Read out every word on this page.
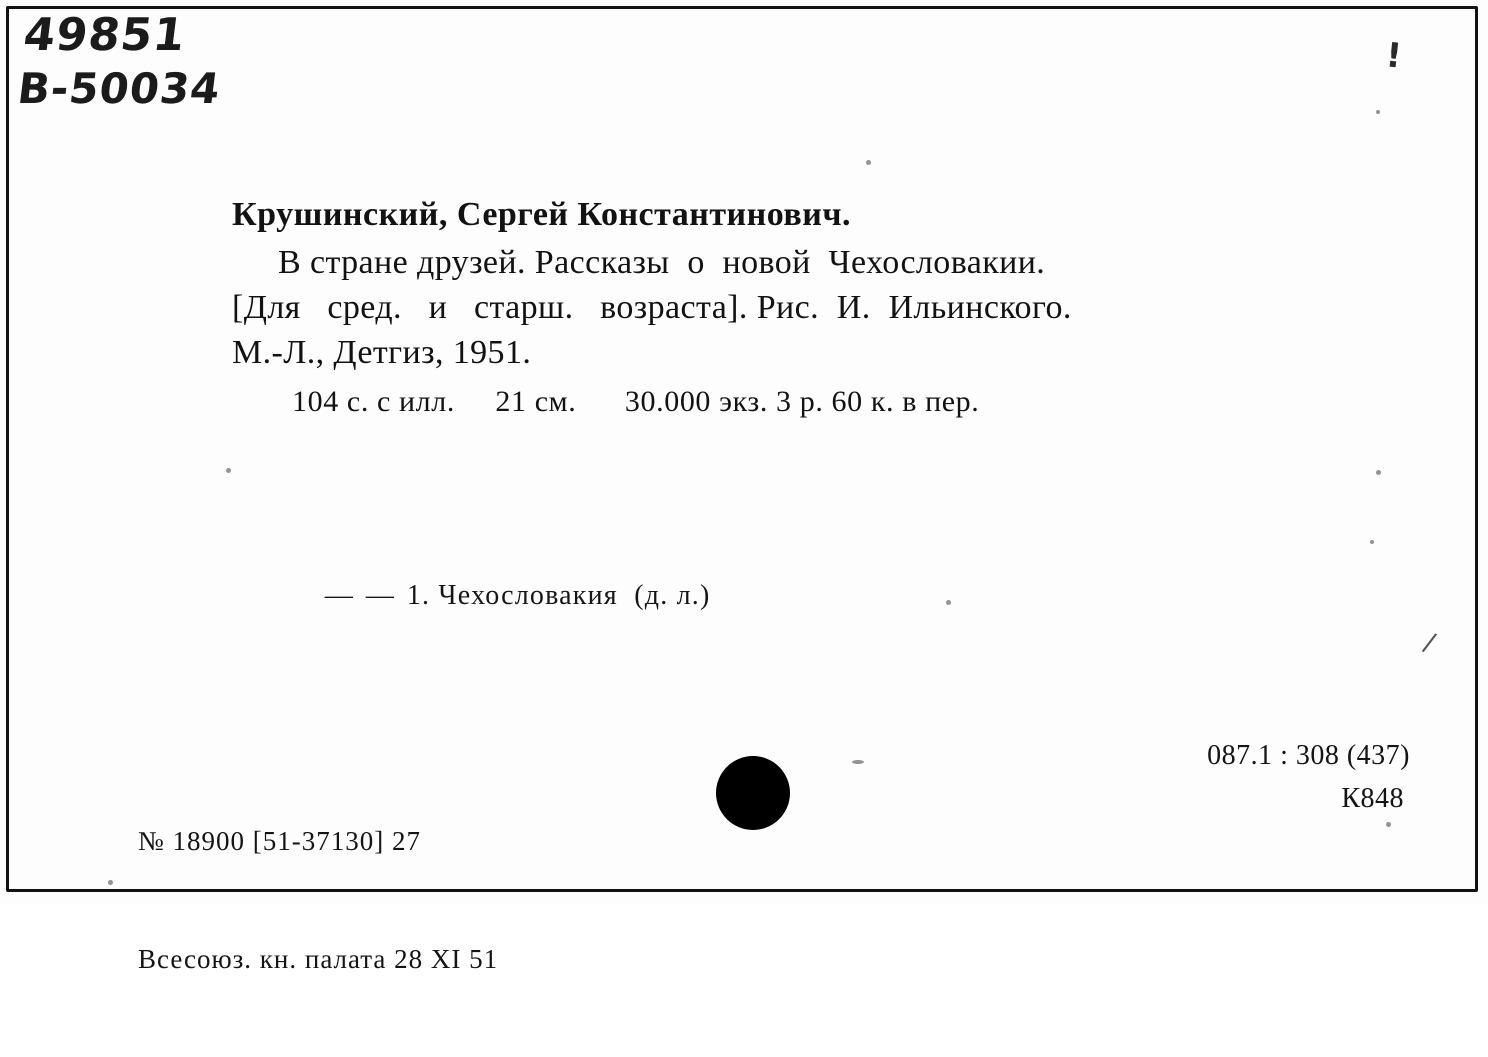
49851
В-50034
!
/
Крушинский, Сергей Константинович.
В стране друзей. Рассказы  о  новой  Чехословакии.
[Для   сред.   и   старш.   возраста]. Рис.  И.  Ильинского.
М.-Л., Детгиз, 1951.
104 с. с илл.     21 см.      30.000 экз. 3 р. 60 к. в пер.

— — 1. Чехословакия  (д. л.)

№ 18900 [51-37130] 27

Всесоюз. кн. палата 28 XI 51

087.1 : 308 (437)
К848
